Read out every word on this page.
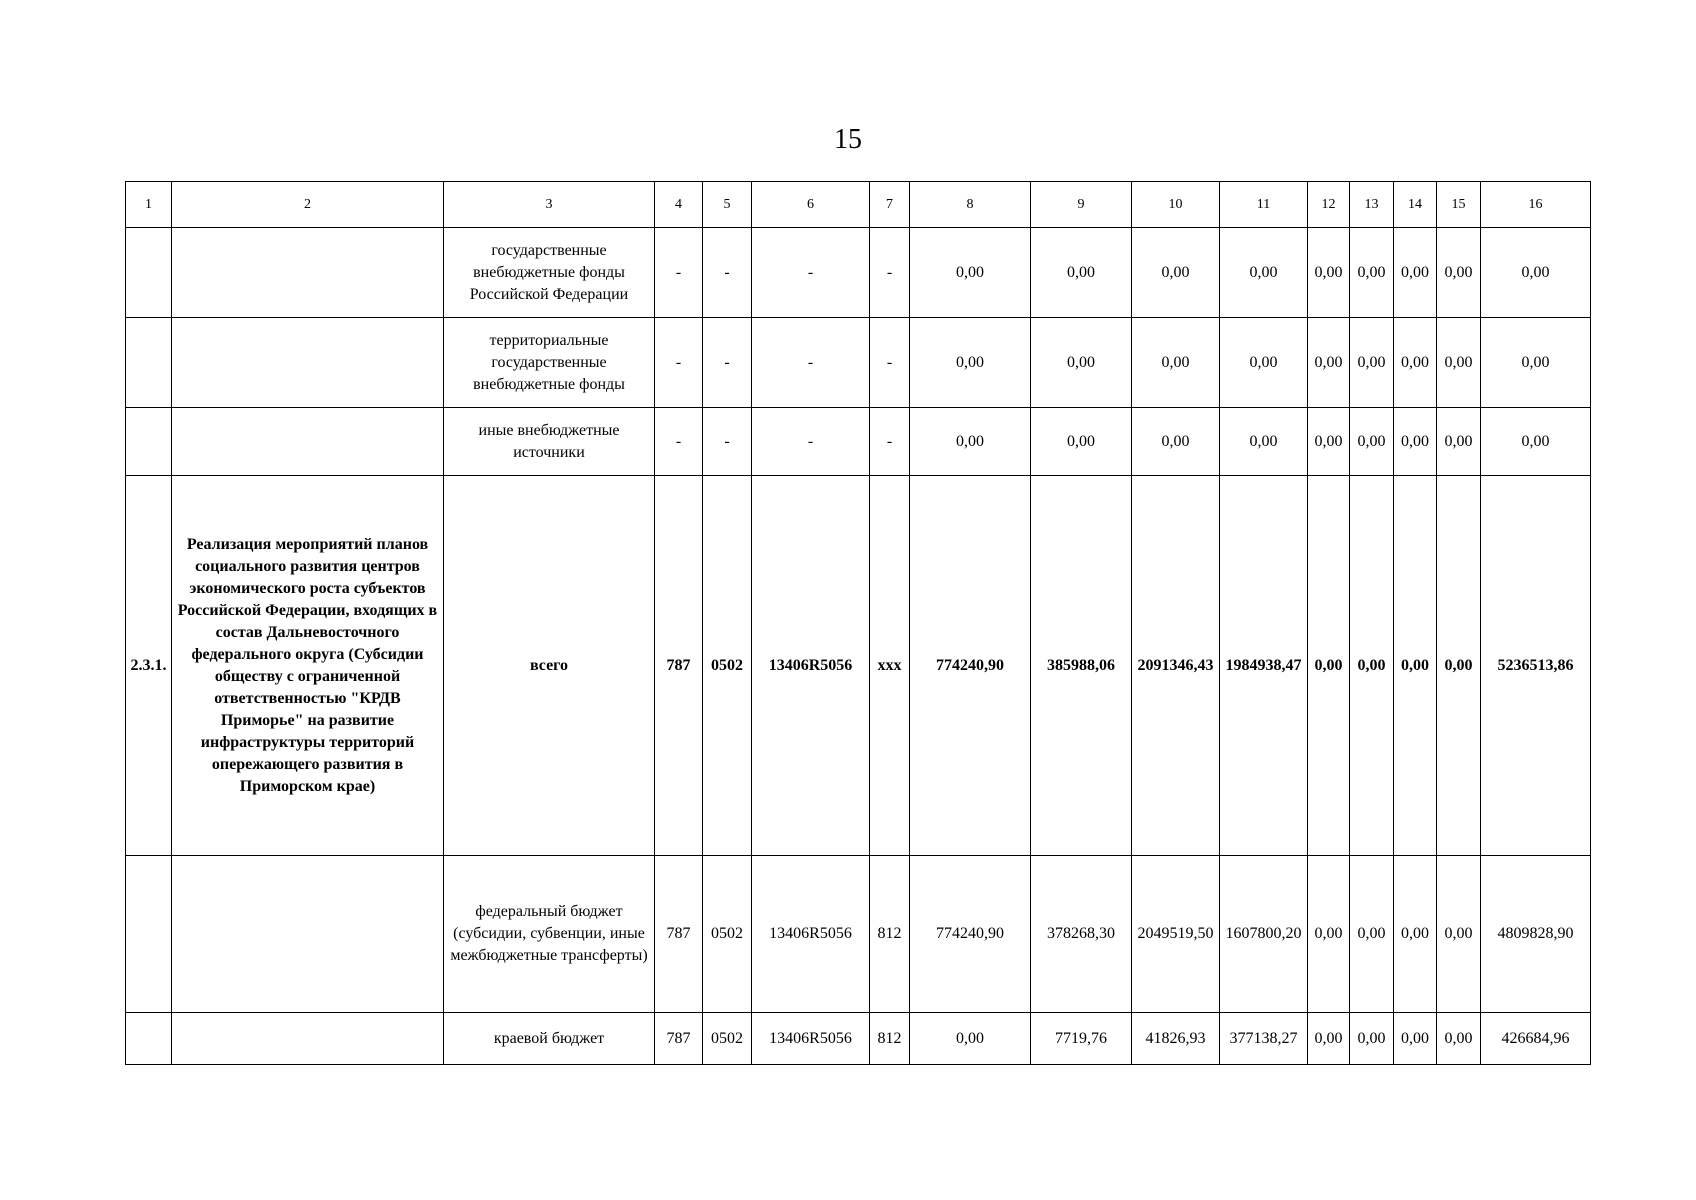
15
1	2	3	4	5	6	7	8	9	10	11	12	13	14	15	16
		государственные внебюджетные фонды Российской Федерации	-	-	-	-	0,00	0,00	0,00	0,00	0,00	0,00	0,00	0,00	0,00
		территориальные государственные внебюджетные фонды	-	-	-	-	0,00	0,00	0,00	0,00	0,00	0,00	0,00	0,00	0,00
		иные внебюджетные источники	-	-	-	-	0,00	0,00	0,00	0,00	0,00	0,00	0,00	0,00	0,00
2.3.1.	Реализация мероприятий планов социального развития центров экономического роста субъектов Российской Федерации, входящих в состав Дальневосточного федерального округа (Субсидии обществу с ограниченной ответственностью "КРДВ Приморье" на развитие инфраструктуры территорий опережающего развития в Приморском крае)	всего	787	0502	13406R5056	ххх	774240,90	385988,06	2091346,43	1984938,47	0,00	0,00	0,00	0,00	5236513,86
		федеральный бюджет (субсидии, субвенции, иные межбюджетные трансферты)	787	0502	13406R5056	812	774240,90	378268,30	2049519,50	1607800,20	0,00	0,00	0,00	0,00	4809828,90
		краевой бюджет	787	0502	13406R5056	812	0,00	7719,76	41826,93	377138,27	0,00	0,00	0,00	0,00	426684,96
